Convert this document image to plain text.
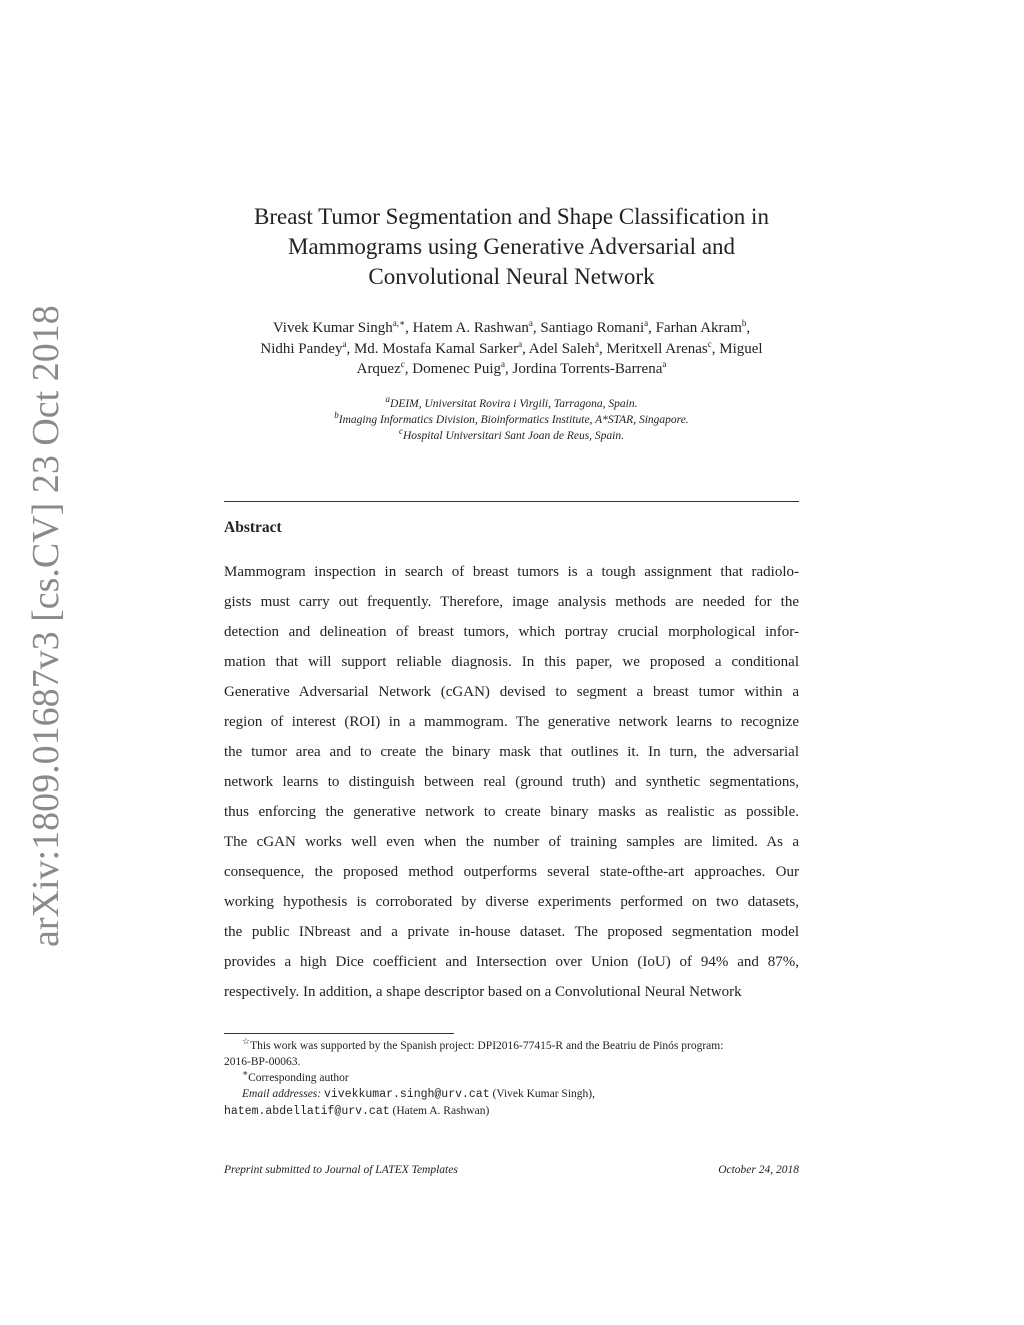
arXiv:1809.01687v3 [cs.CV] 23 Oct 2018
Breast Tumor Segmentation and Shape Classification in
Mammograms using Generative Adversarial and
Convolutional Neural Network
Vivek Kumar Singh$^{a,∗}$, Hatem A. Rashwan$^a$, Santiago Romani$^a$, Farhan Akram$^b$,
Nidhi Pandey$^a$, Md. Mostafa Kamal Sarker$^a$, Adel Saleh$^a$, Meritxell Arenas$^c$, Miguel
Arquez$^c$, Domenec Puig$^a$, Jordina Torrents-Barrena$^a$
$^a$DEIM, Universitat Rovira i Virgili, Tarragona, Spain.
$^b$Imaging Informatics Division, Bioinformatics Institute, A*STAR, Singapore.
$^c$Hospital Universitari Sant Joan de Reus, Spain.
Abstract
Mammogram inspection in search of breast tumors is a tough assignment that radiolo-
gists must carry out frequently. Therefore, image analysis methods are needed for the
detection and delineation of breast tumors, which portray crucial morphological infor-
mation that will support reliable diagnosis. In this paper, we proposed a conditional
Generative Adversarial Network (cGAN) devised to segment a breast tumor within a
region of interest (ROI) in a mammogram. The generative network learns to recognize
the tumor area and to create the binary mask that outlines it. In turn, the adversarial
network learns to distinguish between real (ground truth) and synthetic segmentations,
thus enforcing the generative network to create binary masks as realistic as possible.
The cGAN works well even when the number of training samples are limited. As a
consequence, the proposed method outperforms several state-ofthe-art approaches. Our
working hypothesis is corroborated by diverse experiments performed on two datasets,
the public INbreast and a private in-house dataset. The proposed segmentation model
provides a high Dice coefficient and Intersection over Union (IoU) of 94% and 87%,
respectively. In addition, a shape descriptor based on a Convolutional Neural Network
☆This work was supported by the Spanish project: DPI2016-77415-R and the Beatriu de Pinós program:
2016-BP-00063.
∗Corresponding author
Email addresses: vivekkumar.singh@urv.cat (Vivek Kumar Singh),
hatem.abdellatif@urv.cat (Hatem A. Rashwan)
Preprint submitted to Journal of LATEX Templates	October 24, 2018
